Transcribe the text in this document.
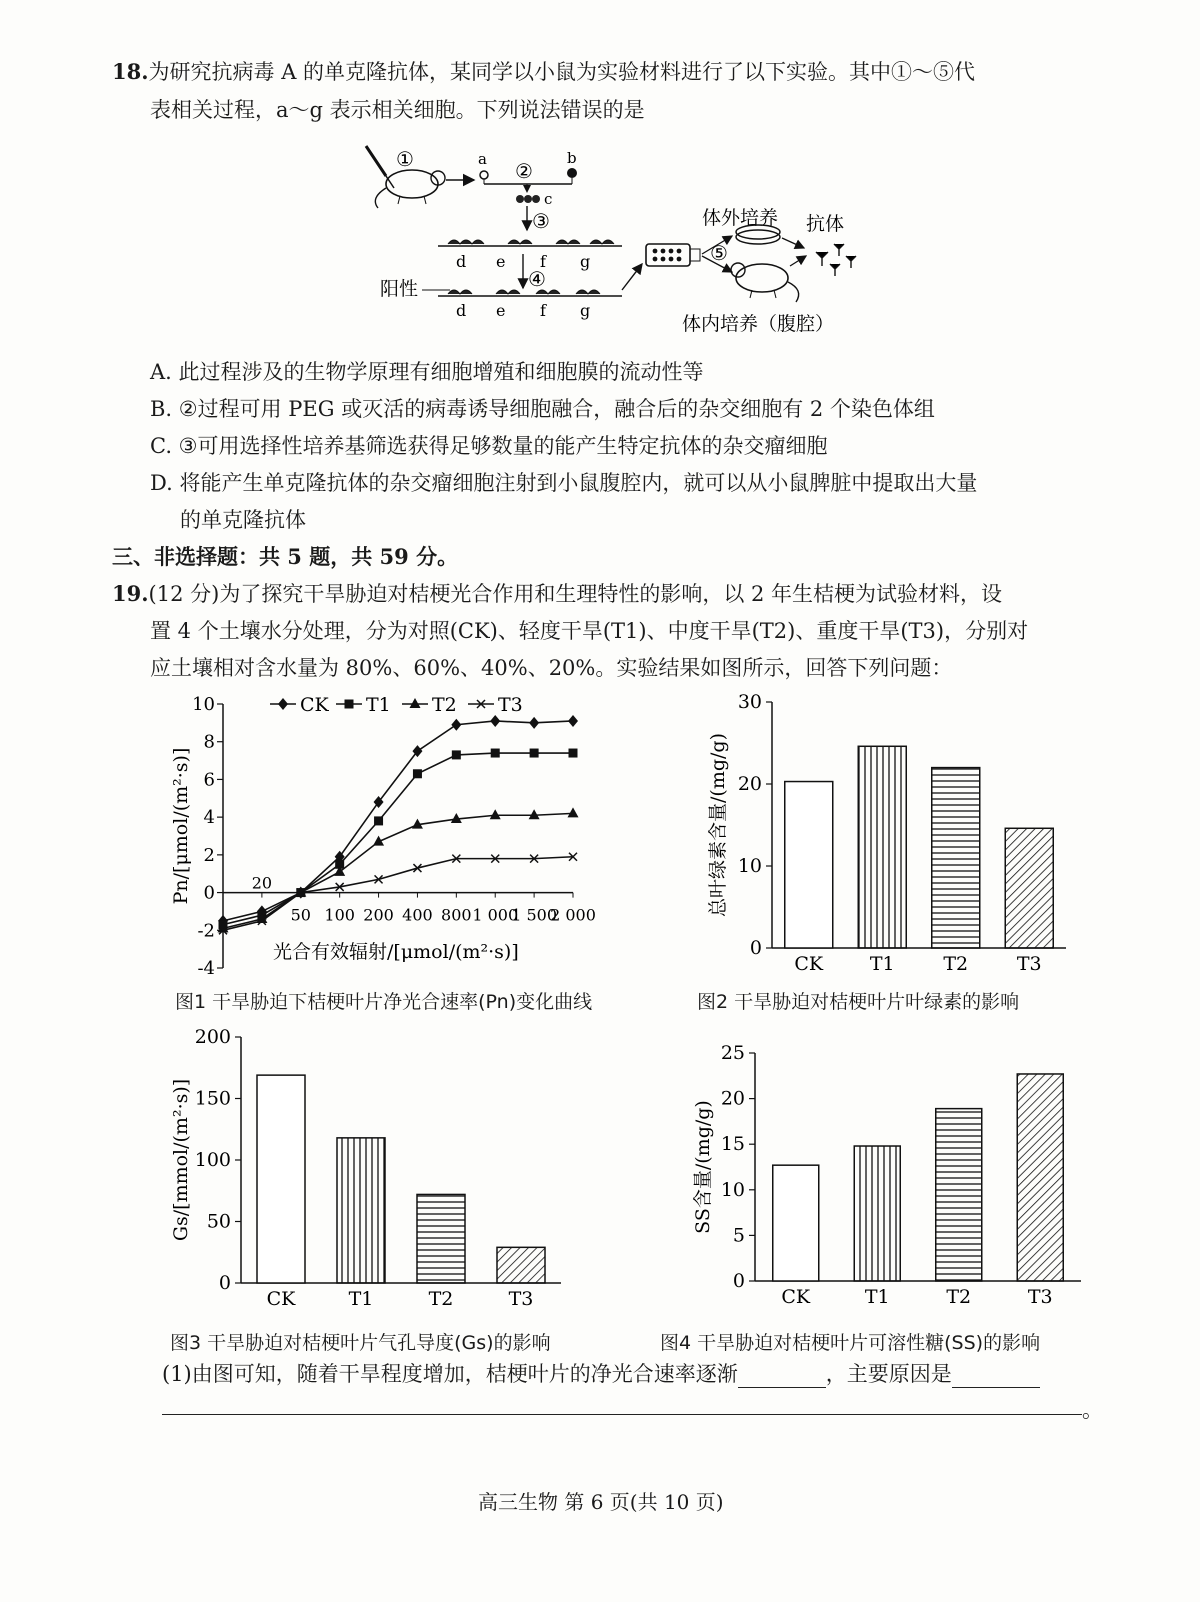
18.为研究抗病毒 A 的单克隆抗体，某同学以小鼠为实验材料进行了以下实验。其中①～⑤代
表相关过程，a～g 表示相关细胞。下列说法错误的是
①	a	b
②
c
③
d e f g
④
阳性
d e f g
⑤
体外培养 抗体
体内培养（腹腔）
A. 此过程涉及的生物学原理有细胞增殖和细胞膜的流动性等
B. ②过程可用 PEG 或灭活的病毒诱导细胞融合，融合后的杂交细胞有 2 个染色体组
C. ③可用选择性培养基筛选获得足够数量的能产生特定抗体的杂交瘤细胞
D. 将能产生单克隆抗体的杂交瘤细胞注射到小鼠腹腔内，就可以从小鼠脾脏中提取出大量
的单克隆抗体
三、非选择题：共 5 题，共 59 分。
19.(12 分)为了探究干旱胁迫对桔梗光合作用和生理特性的影响，以 2 年生桔梗为试验材料，设
置 4 个土壤水分处理，分为对照(CK)、轻度干旱(T1)、中度干旱(T2)、重度干旱(T3)，分别对
应土壤相对含水量为 80%、60%、40%、20%。实验结果如图所示，回答下列问题：
10
8
6
4
2
0
-2
-4
20
50 100 200 400 800 1 000
1 500
2 000
CK T1 T2 T3
光合有效辐射/[μmol/(m²·s)]
Pn/[μmol/(m²·s)]
图1 干旱胁迫下桔梗叶片净光合速率(Pn)变化曲线
30
20
10
0
CK T1	T2	T3
总叶绿素含量/(mg/g)
图2 干旱胁迫对桔梗叶片叶绿素的影响
200
150
100
50
0
CK	T1	T2	T3
Gs/[mmol/(m²·s)]
图3 干旱胁迫对桔梗叶片气孔导度(Gs)的影响
25
20
15
10
5
0
CK	T1	T2	T3
SS含量/(mg/g)
图4 干旱胁迫对桔梗叶片可溶性糖(SS)的影响
(1)由图可知，随着干旱程度增加，桔梗叶片的净光合速率逐渐	，主要原因是
。
高三生物 第 6 页(共 10 页)
